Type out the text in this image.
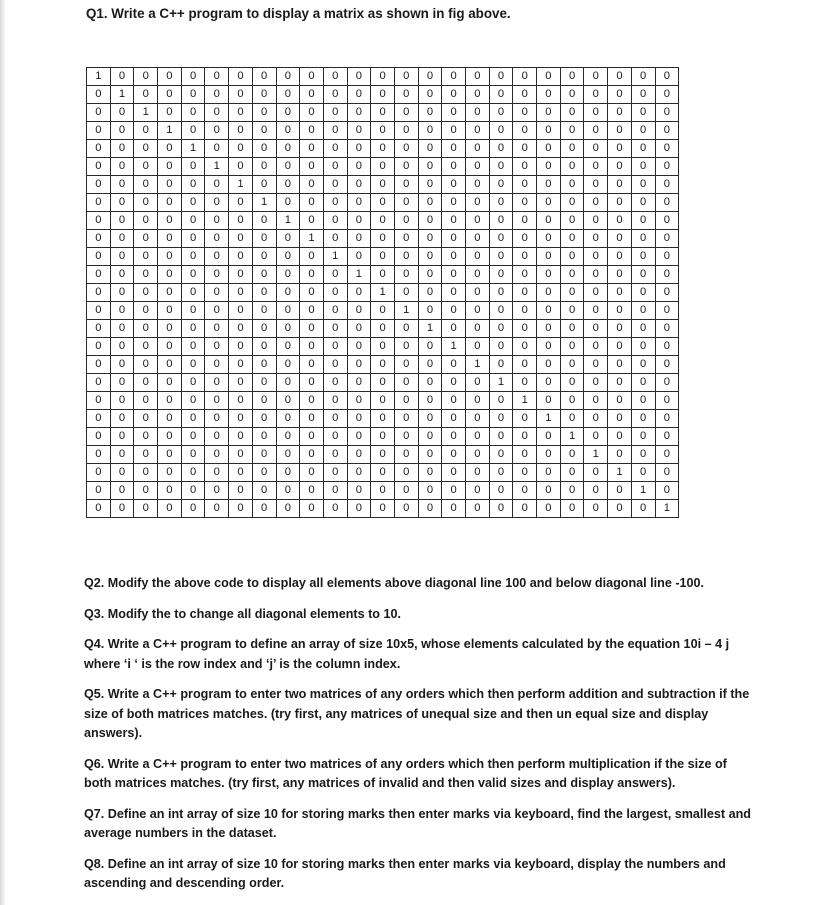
Q1. Write a C++ program to display a matrix as shown in fig above.
1	0	0	0	0	0	0	0	0	0	0	0	0	0	0	0	0	0	0	0	0	0	0	0	0
0	1	0	0	0	0	0	0	0	0	0	0	0	0	0	0	0	0	0	0	0	0	0	0	0
0	0	1	0	0	0	0	0	0	0	0	0	0	0	0	0	0	0	0	0	0	0	0	0	0
0	0	0	1	0	0	0	0	0	0	0	0	0	0	0	0	0	0	0	0	0	0	0	0	0
0	0	0	0	1	0	0	0	0	0	0	0	0	0	0	0	0	0	0	0	0	0	0	0	0
0	0	0	0	0	1	0	0	0	0	0	0	0	0	0	0	0	0	0	0	0	0	0	0	0
0	0	0	0	0	0	1	0	0	0	0	0	0	0	0	0	0	0	0	0	0	0	0	0	0
0	0	0	0	0	0	0	1	0	0	0	0	0	0	0	0	0	0	0	0	0	0	0	0	0
0	0	0	0	0	0	0	0	1	0	0	0	0	0	0	0	0	0	0	0	0	0	0	0	0
0	0	0	0	0	0	0	0	0	1	0	0	0	0	0	0	0	0	0	0	0	0	0	0	0
0	0	0	0	0	0	0	0	0	0	1	0	0	0	0	0	0	0	0	0	0	0	0	0	0
0	0	0	0	0	0	0	0	0	0	0	1	0	0	0	0	0	0	0	0	0	0	0	0	0
0	0	0	0	0	0	0	0	0	0	0	0	1	0	0	0	0	0	0	0	0	0	0	0	0
0	0	0	0	0	0	0	0	0	0	0	0	0	1	0	0	0	0	0	0	0	0	0	0	0
0	0	0	0	0	0	0	0	0	0	0	0	0	0	1	0	0	0	0	0	0	0	0	0	0
0	0	0	0	0	0	0	0	0	0	0	0	0	0	0	1	0	0	0	0	0	0	0	0	0
0	0	0	0	0	0	0	0	0	0	0	0	0	0	0	0	1	0	0	0	0	0	0	0	0
0	0	0	0	0	0	0	0	0	0	0	0	0	0	0	0	0	1	0	0	0	0	0	0	0
0	0	0	0	0	0	0	0	0	0	0	0	0	0	0	0	0	0	1	0	0	0	0	0	0
0	0	0	0	0	0	0	0	0	0	0	0	0	0	0	0	0	0	0	1	0	0	0	0	0
0	0	0	0	0	0	0	0	0	0	0	0	0	0	0	0	0	0	0	0	1	0	0	0	0
0	0	0	0	0	0	0	0	0	0	0	0	0	0	0	0	0	0	0	0	0	1	0	0	0
0	0	0	0	0	0	0	0	0	0	0	0	0	0	0	0	0	0	0	0	0	0	1	0	0
0	0	0	0	0	0	0	0	0	0	0	0	0	0	0	0	0	0	0	0	0	0	0	1	0
0	0	0	0	0	0	0	0	0	0	0	0	0	0	0	0	0	0	0	0	0	0	0	0	1

Q2. Modify the above code to display all elements above diagonal line 100 and below diagonal line -100.

Q3. Modify the to change all diagonal elements to 10.

Q4. Write a C++ program to define an array of size 10x5, whose elements calculated by the equation 10i – 4 j where ‘i ‘ is the row index and ‘j’ is the column index.

Q5. Write a C++ program to enter two matrices of any orders which then perform addition and subtraction if the size of both matrices matches. (try first, any matrices of unequal size and then un equal size and display answers).

Q6. Write a C++ program to enter two matrices of any orders which then perform multiplication if the size of both matrices matches. (try first, any matrices of invalid and then valid sizes and display answers).

Q7. Define an int array of size 10 for storing marks then enter marks via keyboard, find the largest, smallest and average numbers in the dataset.

Q8. Define an int array of size 10 for storing marks then enter marks via keyboard, display the numbers and ascending and descending order.
